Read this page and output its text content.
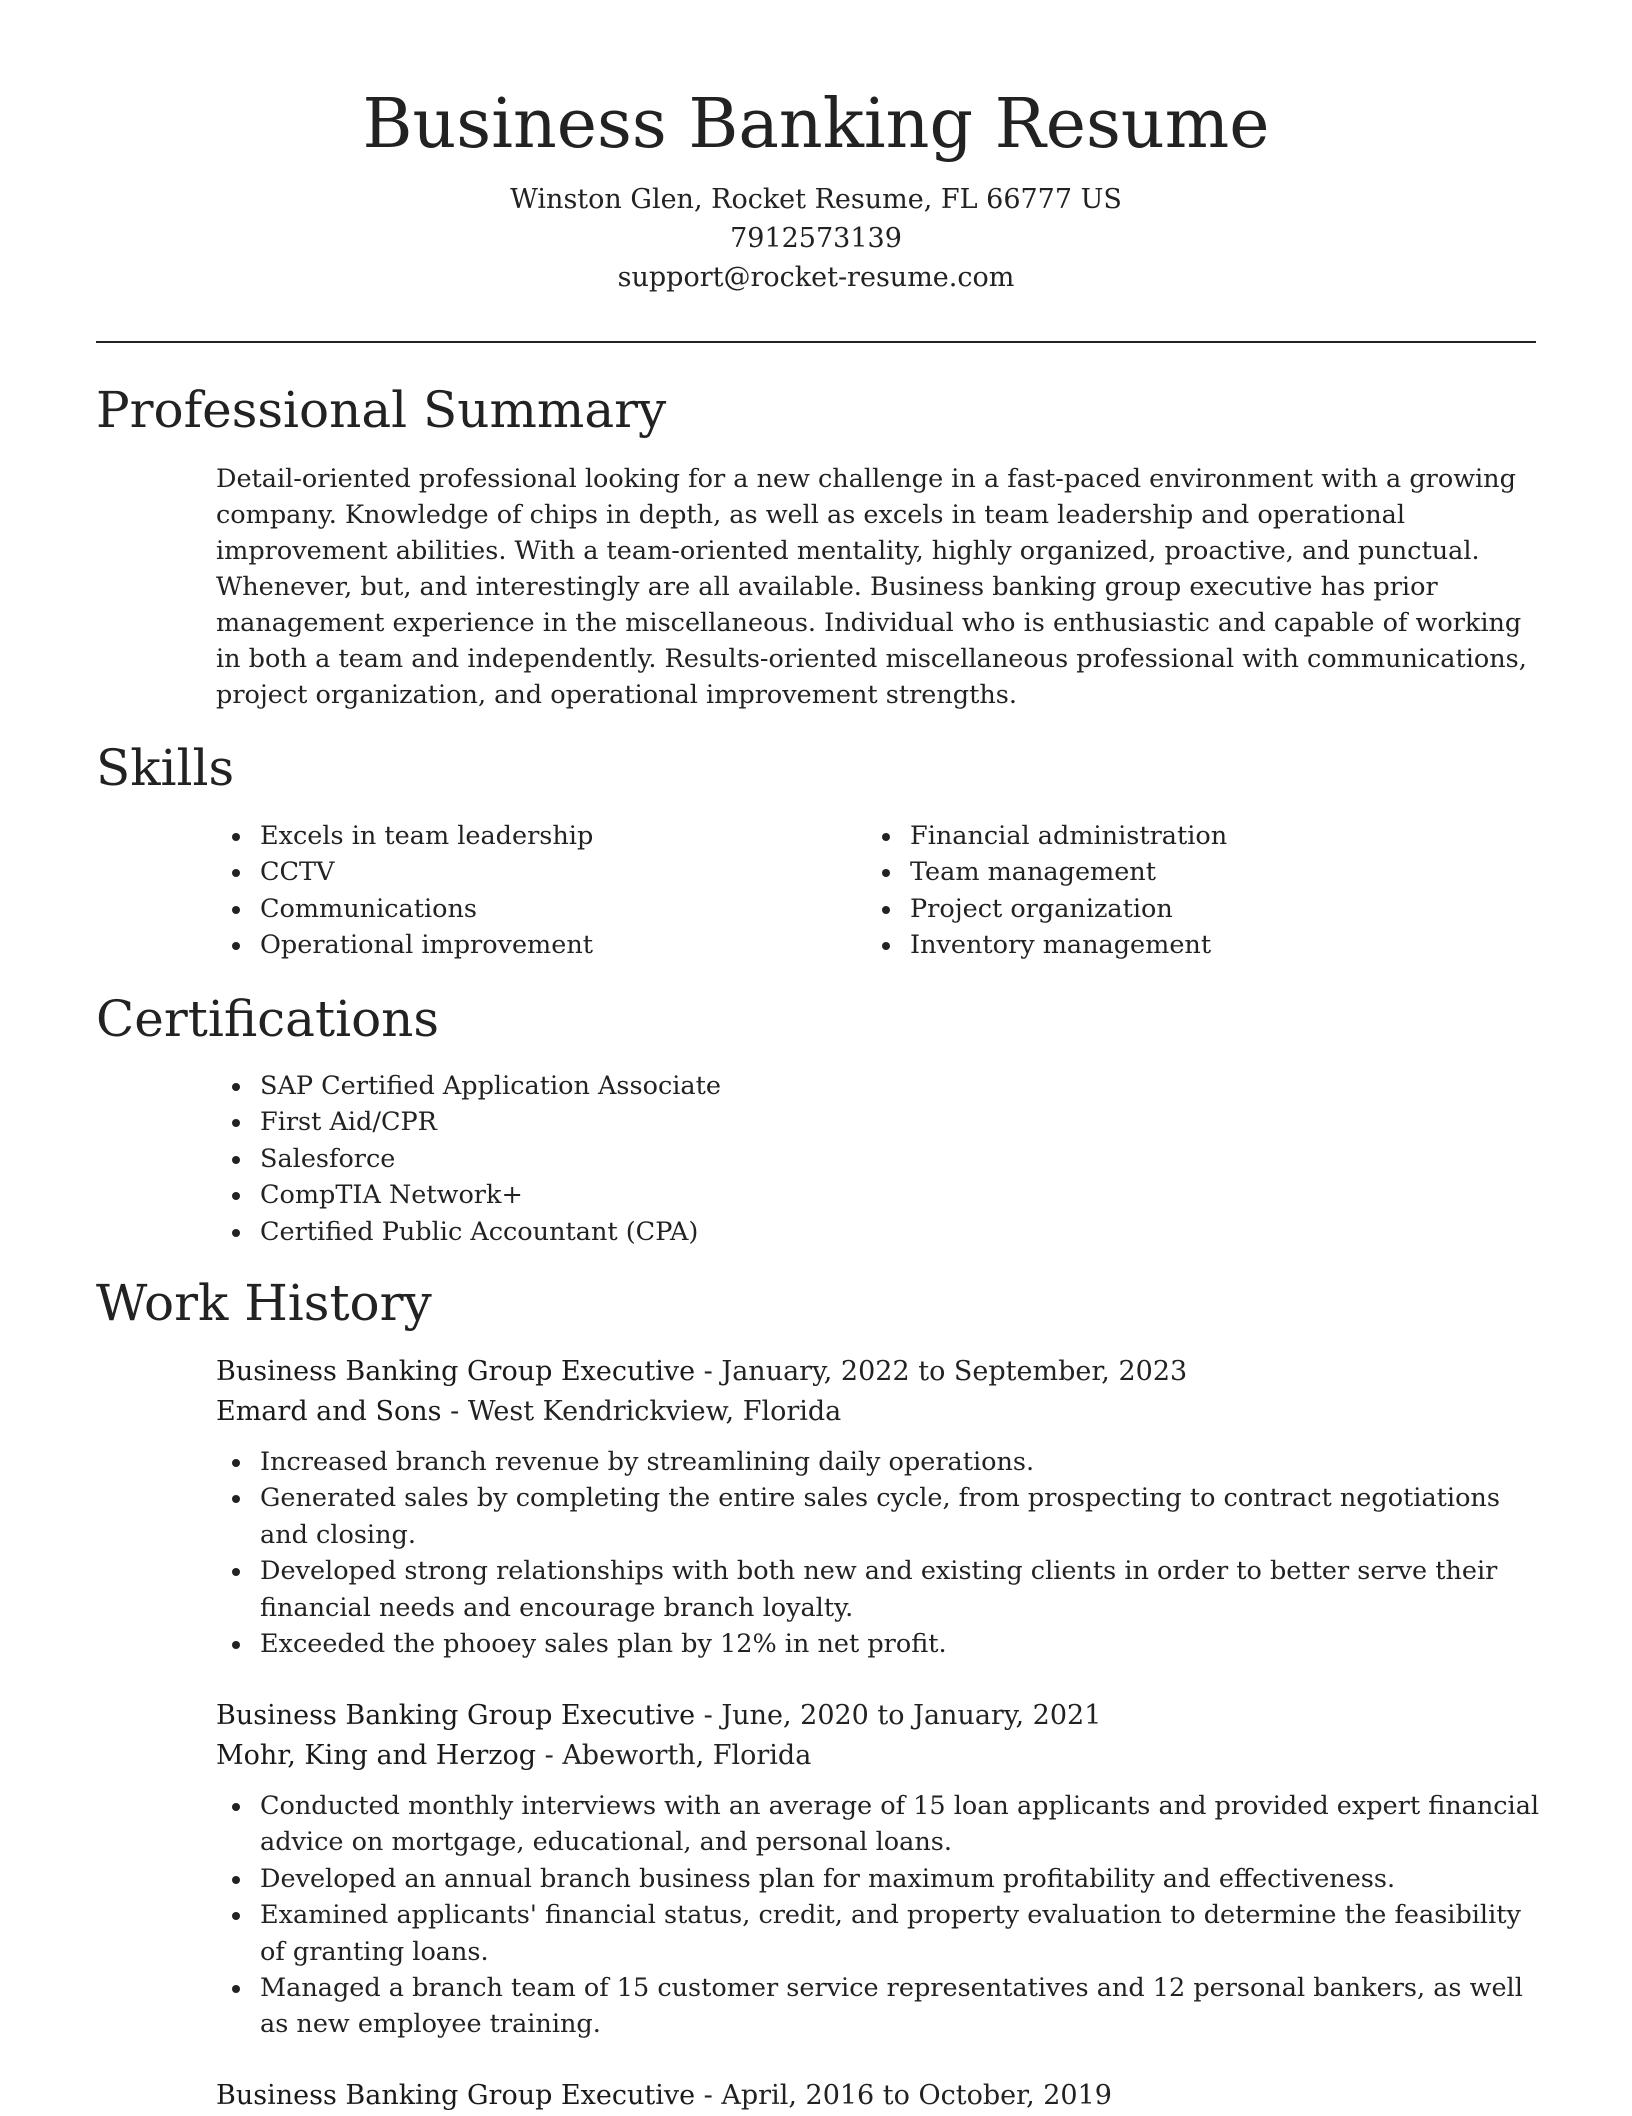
Business Banking Resume
Winston Glen, Rocket Resume, FL 66777 US
7912573139
support@rocket-resume.com
Professional Summary

Detail-oriented professional looking for a new challenge in a fast-paced environment with a growing company. Knowledge of chips in depth, as well as excels in team leadership and operational improvement abilities. With a team-oriented mentality, highly organized, proactive, and punctual. Whenever, but, and interestingly are all available. Business banking group executive has prior management experience in the miscellaneous. Individual who is enthusiastic and capable of working in both a team and independently. Results-oriented miscellaneous professional with communications, project organization, and operational improvement strengths.

Skills
Excels in team leadership
CCTV
Communications
Operational improvement
Financial administration
Team management
Project organization
Inventory management
Certifications
SAP Certified Application Associate
First Aid/CPR
Salesforce
CompTIA Network+
Certified Public Accountant (CPA)
Work History
Business Banking Group Executive - January, 2022 to September, 2023
Emard and Sons - West Kendrickview, Florida
Increased branch revenue by streamlining daily operations.
Generated sales by completing the entire sales cycle, from prospecting to contract negotiations and closing.
Developed strong relationships with both new and existing clients in order to better serve their financial needs and encourage branch loyalty.
Exceeded the phooey sales plan by 12% in net profit.
Business Banking Group Executive - June, 2020 to January, 2021
Mohr, King and Herzog - Abeworth, Florida
Conducted monthly interviews with an average of 15 loan applicants and provided expert financial advice on mortgage, educational, and personal loans.
Developed an annual branch business plan for maximum profitability and effectiveness.
Examined applicants' financial status, credit, and property evaluation to determine the feasibility of granting loans.
Managed a branch team of 15 customer service representatives and 12 personal bankers, as well as new employee training.
Business Banking Group Executive - April, 2016 to October, 2019
